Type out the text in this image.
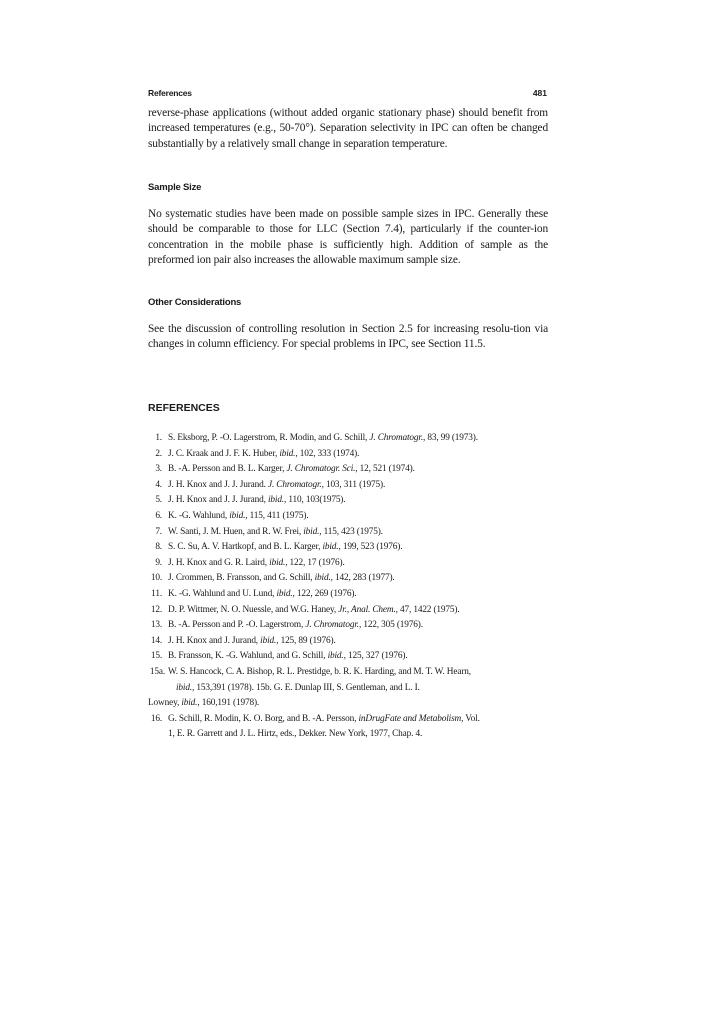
References	481

reverse-phase applications (without added organic stationary phase) should benefit from increased temperatures (e.g., 50-70°). Separation selectivity in IPC can often be changed substantially by a relatively small change in separation temperature.

Sample Size

No systematic studies have been made on possible sample sizes in IPC. Generally these should be comparable to those for LLC (Section 7.4), particularly if the counter-ion concentration in the mobile phase is sufficiently high. Addition of sample as the preformed ion pair also increases the allowable maximum sample size.

Other Considerations

See the discussion of controlling resolution in Section 2.5 for increasing resolu-tion via changes in column efficiency. For special problems in IPC, see Section 11.5.

REFERENCES
1. S. Eksborg, P. -O. Lagerstrom, R. Modin, and G. Schill, J. Chromatogr., 83, 99 (1973).
2. J. C. Kraak and J. F. K. Huber, ibid., 102, 333 (1974).
3. B. -A. Persson and B. L. Karger, J. Chromatogr. Sci., 12, 521 (1974).
4. J. H. Knox and J. J. Jurand. J. Chromatogr., 103, 311 (1975).
5. J. H. Knox and J. J. Jurand, ibid., 110, 103(1975).
6. K. -G. Wahlund, ibid., 115, 411 (1975).
7. W. Santi, J. M. Huen, and R. W. Frei, ibid., 115, 423 (1975).
8. S. C. Su, A. V. Hartkopf, and B. L. Karger, ibid., 199, 523 (1976).
9. J. H. Knox and G. R. Laird, ibid., 122, 17 (1976).
10. J. Crommen, B. Fransson, and G. Schill, ibid., 142, 283 (1977).
11. K. -G. Wahlund and U. Lund, ibid., 122, 269 (1976).
12. D. P. Wittmer, N. O. Nuessle, and W.G. Haney, Jr., Anal. Chem., 47, 1422 (1975).
13. B. -A. Persson and P. -O. Lagerstrom, J. Chromatogr., 122, 305 (1976).
14. J. H. Knox and J. Jurand, ibid., 125, 89 (1976).
15. B. Fransson, K. -G. Wahlund, and G. Schill, ibid., 125, 327 (1976).
15a. W. S. Hancock, C. A. Bishop, R. L. Prestidge, b. R. K. Harding, and M. T. W. Hearn,
ibid., 153,391 (1978). 15b. G. E. Dunlap III, S. Gentleman, and L. I.
Lowney, ibid., 160,191 (1978).
16. G. Schill, R. Modin, K. O. Borg, and B. -A. Persson, inDrugFate and Metabolism, Vol.
1, E. R. Garrett and J. L. Hirtz, eds., Dekker. New York, 1977, Chap. 4.
